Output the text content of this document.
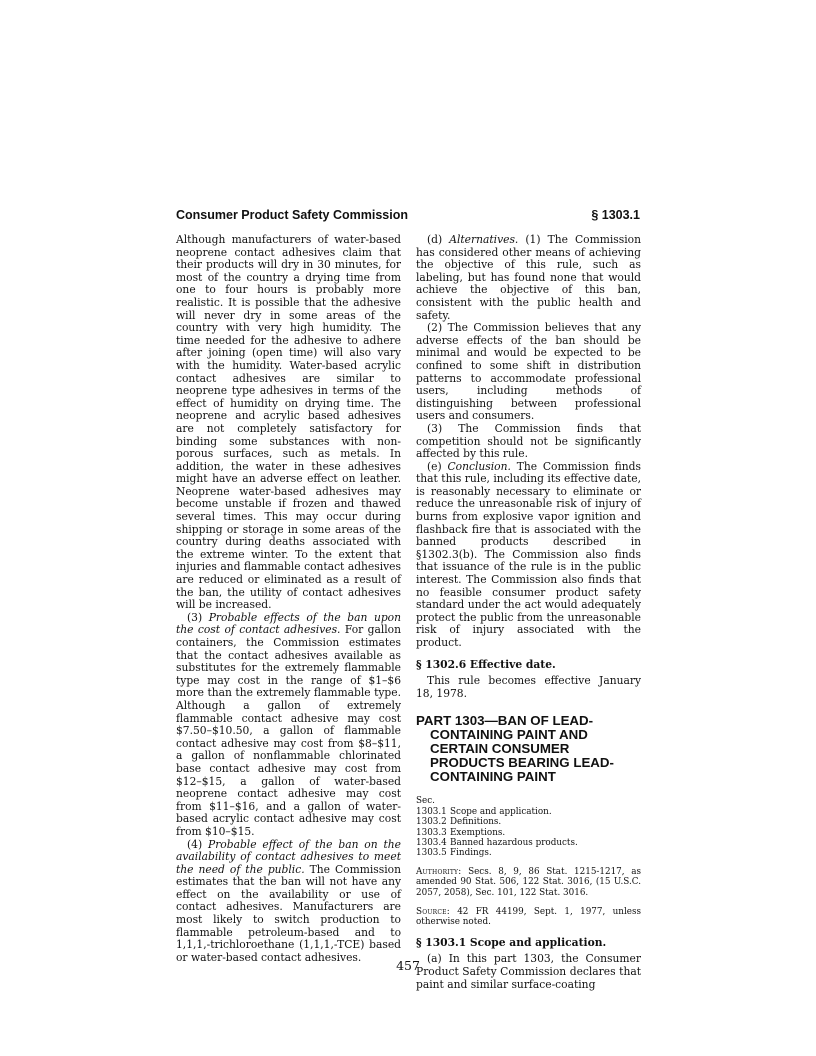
Consumer Product Safety Commission	§ 1303.1

Although manufacturers of water-based neoprene contact adhesives claim that their products will dry in 30 minutes, for most of the country a drying time from one to four hours is probably more realistic. It is possible that the adhesive will never dry in some areas of the country with very high humidity. The time needed for the adhesive to adhere after joining (open time) will also vary with the humidity. Water-based acrylic contact adhesives are similar to neoprene type adhesives in terms of the effect of humidity on drying time. The neoprene and acrylic based adhesives are not completely satisfactory for binding some substances with non-porous surfaces, such as metals. In addition, the water in these adhesives might have an adverse effect on leather. Neoprene water-based adhesives may become unstable if frozen and thawed several times. This may occur during shipping or storage in some areas of the country during deaths associated with the extreme winter. To the extent that injuries and flammable contact adhesives are reduced or eliminated as a result of the ban, the utility of contact adhesives will be increased.

(3) Probable effects of the ban upon the cost of contact adhesives. For gallon containers, the Commission estimates that the contact adhesives available as substitutes for the extremely flammable type may cost in the range of $1–$6 more than the extremely flammable type. Although a gallon of extremely flammable contact adhesive may cost $7.50–$10.50, a gallon of flammable contact adhesive may cost from $8–$11, a gallon of nonflammable chlorinated base contact adhesive may cost from $12–$15, a gallon of water-based neoprene contact adhesive may cost from $11–$16, and a gallon of water-based acrylic contact adhesive may cost from $10–$15.

(4) Probable effect of the ban on the availability of contact adhesives to meet the need of the public. The Commission estimates that the ban will not have any effect on the availability or use of contact adhesives. Manufacturers are most likely to switch production to flammable petroleum-based and to 1,1,1,-trichloroethane (1,1,1,-TCE) based or water-based contact adhesives.

(d) Alternatives. (1) The Commission has considered other means of achieving the objective of this rule, such as labeling, but has found none that would achieve the objective of this ban, consistent with the public health and safety.

(2) The Commission believes that any adverse effects of the ban should be minimal and would be expected to be confined to some shift in distribution patterns to accommodate professional users, including methods of distinguishing between professional users and consumers.

(3) The Commission finds that competition should not be significantly affected by this rule.

(e) Conclusion. The Commission finds that this rule, including its effective date, is reasonably necessary to eliminate or reduce the unreasonable risk of injury of burns from explosive vapor ignition and flashback fire that is associated with the banned products described in §1302.3(b). The Commission also finds that issuance of the rule is in the public interest. The Commission also finds that no feasible consumer product safety standard under the act would adequately protect the public from the unreasonable risk of injury associated with the product.

§ 1302.6 Effective date.

This rule becomes effective January 18, 1978.

PART 1303—BAN OF LEAD-CONTAINING PAINT AND CERTAIN CONSUMER PRODUCTS BEARING LEAD-CONTAINING PAINT
Sec.
1303.1 Scope and application.
1303.2 Definitions.
1303.3 Exemptions.
1303.4 Banned hazardous products.
1303.5 Findings.
Authority: Secs. 8, 9, 86 Stat. 1215-1217, as amended 90 Stat. 506, 122 Stat. 3016, (15 U.S.C. 2057, 2058), Sec. 101, 122 Stat. 3016.
Source: 42 FR 44199, Sept. 1, 1977, unless otherwise noted.
§ 1303.1 Scope and application.

(a) In this part 1303, the Consumer Product Safety Commission declares that paint and similar surface-coating

457
